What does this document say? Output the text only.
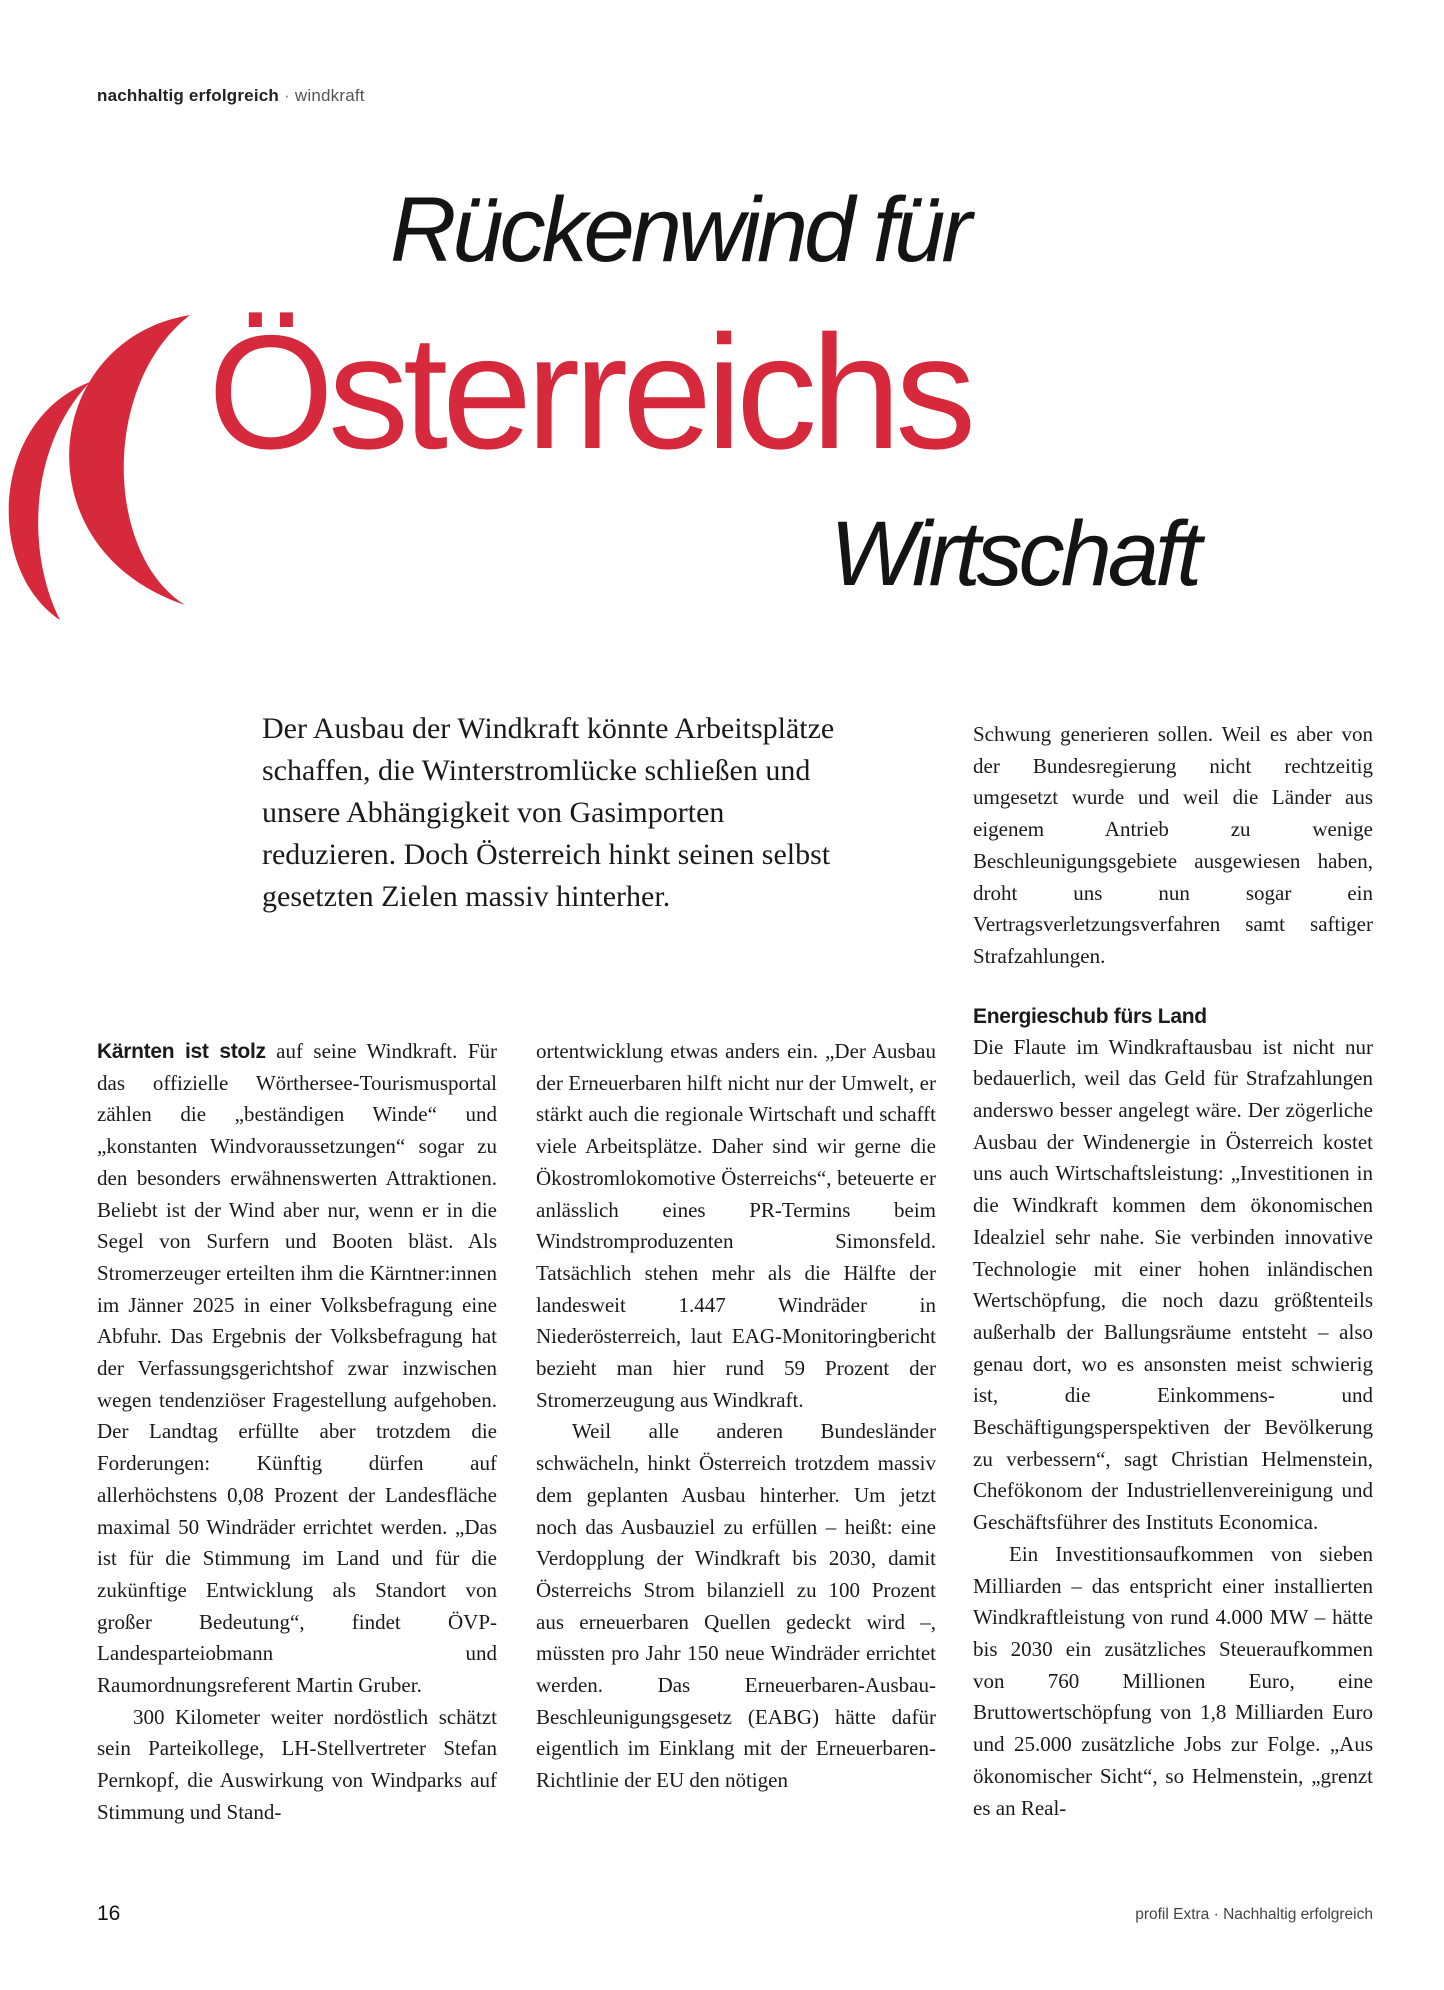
nachhaltig erfolgreich · windkraft
Rückenwind für
Österreichs
Wirtschaft

Der Ausbau der Windkraft könnte Arbeitsplätze schaffen, die Winterstromlücke schließen und unsere Abhängigkeit von Gasimporten reduzieren. Doch Österreich hinkt seinen selbst gesetzten Zielen massiv hinterher.

Kärnten ist stolz auf seine Windkraft. Für das offizielle Wörthersee-Tourismusportal zählen die „beständigen Winde“ und „konstanten Windvoraussetzungen“ sogar zu den besonders erwähnenswerten Attraktionen. Beliebt ist der Wind aber nur, wenn er in die Segel von Surfern und Booten bläst. Als Stromerzeuger erteilten ihm die Kärntner:innen im Jänner 2025 in einer Volksbefragung eine Abfuhr. Das Ergebnis der Volksbefragung hat der Verfassungsgerichtshof zwar inzwischen wegen tendenziöser Fragestellung aufgehoben. Der Landtag erfüllte aber trotzdem die Forderungen: Künftig dürfen auf allerhöchstens 0,08 Prozent der Landesfläche maximal 50 Windräder errichtet werden. „Das ist für die Stimmung im Land und für die zukünftige Entwicklung als Standort von großer Bedeutung“, findet ÖVP-Landesparteiobmann und Raumordnungsreferent Martin Gruber.

300 Kilometer weiter nordöstlich schätzt sein Parteikollege, LH-Stellvertreter Stefan Pernkopf, die Auswirkung von Windparks auf Stimmung und Stand-

ortentwicklung etwas anders ein. „Der Ausbau der Erneuerbaren hilft nicht nur der Umwelt, er stärkt auch die regionale Wirtschaft und schafft viele Arbeitsplätze. Daher sind wir gerne die Ökostromlokomotive Österreichs“, beteuerte er anlässlich eines PR-Termins beim Windstromproduzenten Simonsfeld. Tatsächlich stehen mehr als die Hälfte der landesweit 1.447 Windräder in Niederösterreich, laut EAG-Monitoringbericht bezieht man hier rund 59 Prozent der Stromerzeugung aus Windkraft.

Weil alle anderen Bundesländer schwächeln, hinkt Österreich trotzdem massiv dem geplanten Ausbau hinterher. Um jetzt noch das Ausbauziel zu erfüllen – heißt: eine Verdopplung der Windkraft bis 2030, damit Österreichs Strom bilanziell zu 100 Prozent aus erneuerbaren Quellen gedeckt wird –, müssten pro Jahr 150 neue Windräder errichtet werden. Das Erneuerbaren-Ausbau-Beschleunigungsgesetz (EABG) hätte dafür eigentlich im Einklang mit der Erneuerbaren-Richtlinie der EU den nötigen

Schwung generieren sollen. Weil es aber von der Bundesregierung nicht rechtzeitig umgesetzt wurde und weil die Länder aus eigenem Antrieb zu wenige Beschleunigungsgebiete ausgewiesen haben, droht uns nun sogar ein Vertragsverletzungsverfahren samt saftiger Strafzahlungen.

Energieschub fürs Land

Die Flaute im Windkraftausbau ist nicht nur bedauerlich, weil das Geld für Strafzahlungen anderswo besser angelegt wäre. Der zögerliche Ausbau der Windenergie in Österreich kostet uns auch Wirtschaftsleistung: „Investitionen in die Windkraft kommen dem ökonomischen Idealziel sehr nahe. Sie verbinden innovative Technologie mit einer hohen inländischen Wertschöpfung, die noch dazu größtenteils außerhalb der Ballungsräume entsteht – also genau dort, wo es ansonsten meist schwierig ist, die Einkommens- und Beschäftigungsperspektiven der Bevölkerung zu verbessern“, sagt Christian Helmenstein, Chefökonom der Industriellenvereinigung und Geschäftsführer des Instituts Economica.

Ein Investitionsaufkommen von sieben Milliarden – das entspricht einer installierten Windkraftleistung von rund 4.000 MW – hätte bis 2030 ein zusätzliches Steueraufkommen von 760 Millionen Euro, eine Bruttowertschöpfung von 1,8 Milliarden Euro und 25.000 zusätzliche Jobs zur Folge. „Aus ökonomischer Sicht“, so Helmenstein, „grenzt es an Real-

16	profil Extra · Nachhaltig erfolgreich
